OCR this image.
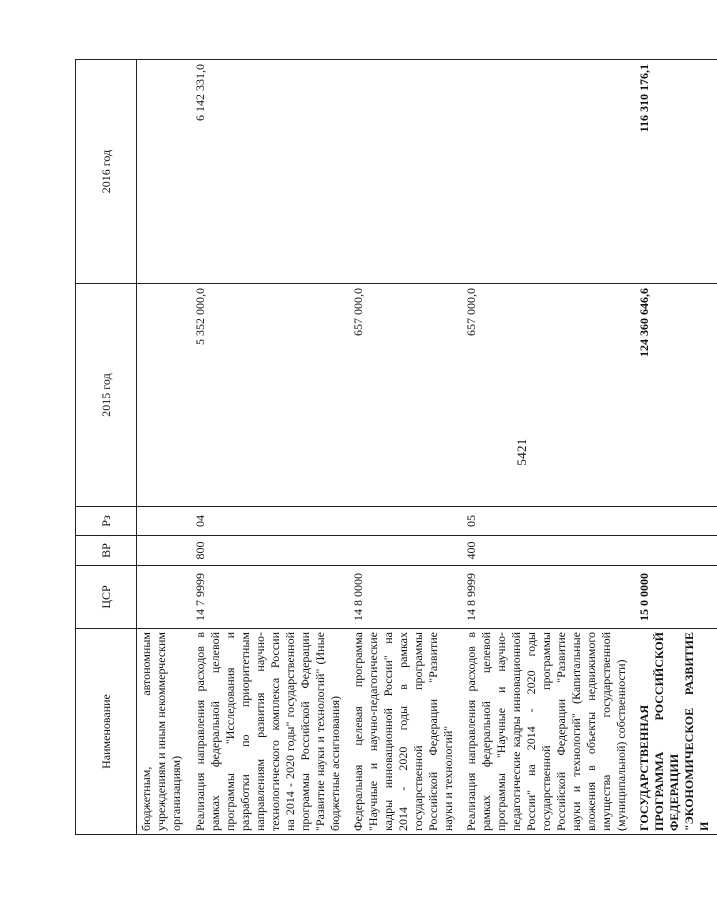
5421
Наименование	ЦСР	ВР	Рз	2015 год	2016 год
бюджетным, автономным учреждениям и иным некоммерческим организациям)					
Реализация направления расходов в рамках федеральной целевой программы "Исследования и разработки по приоритетным направлениям развития научно-технологического комплекса России на 2014 - 2020 годы" государственной программы Российской Федерации "Развитие науки и технологий" (Иные бюджетные ассигнования)	14 7 9999	800	04	5 352 000,0	6 142 331,0
Федеральная целевая программа "Научные и научно-педагогические кадры инновационной России" на 2014 - 2020 годы в рамках государственной программы Российской Федерации "Развитие науки и технологий"	14 8 0000			657 000,0	
Реализация направления расходов в рамках федеральной целевой программы "Научные и научно-педагогические кадры инновационной России" на 2014 - 2020 годы государственной программы Российской Федерации "Развитие науки и технологий" (Капитальные вложения в объекты недвижимого имущества государственной (муниципальной) собственности)	14 8 9999	400	05	657 000,0	
ГОСУДАРСТВЕННАЯ ПРОГРАММА РОССИЙСКОЙ ФЕДЕРАЦИИ "ЭКОНОМИЧЕСКОЕ РАЗВИТИЕ И	15 0 0000			124 360 646,6	116 310 176,1
